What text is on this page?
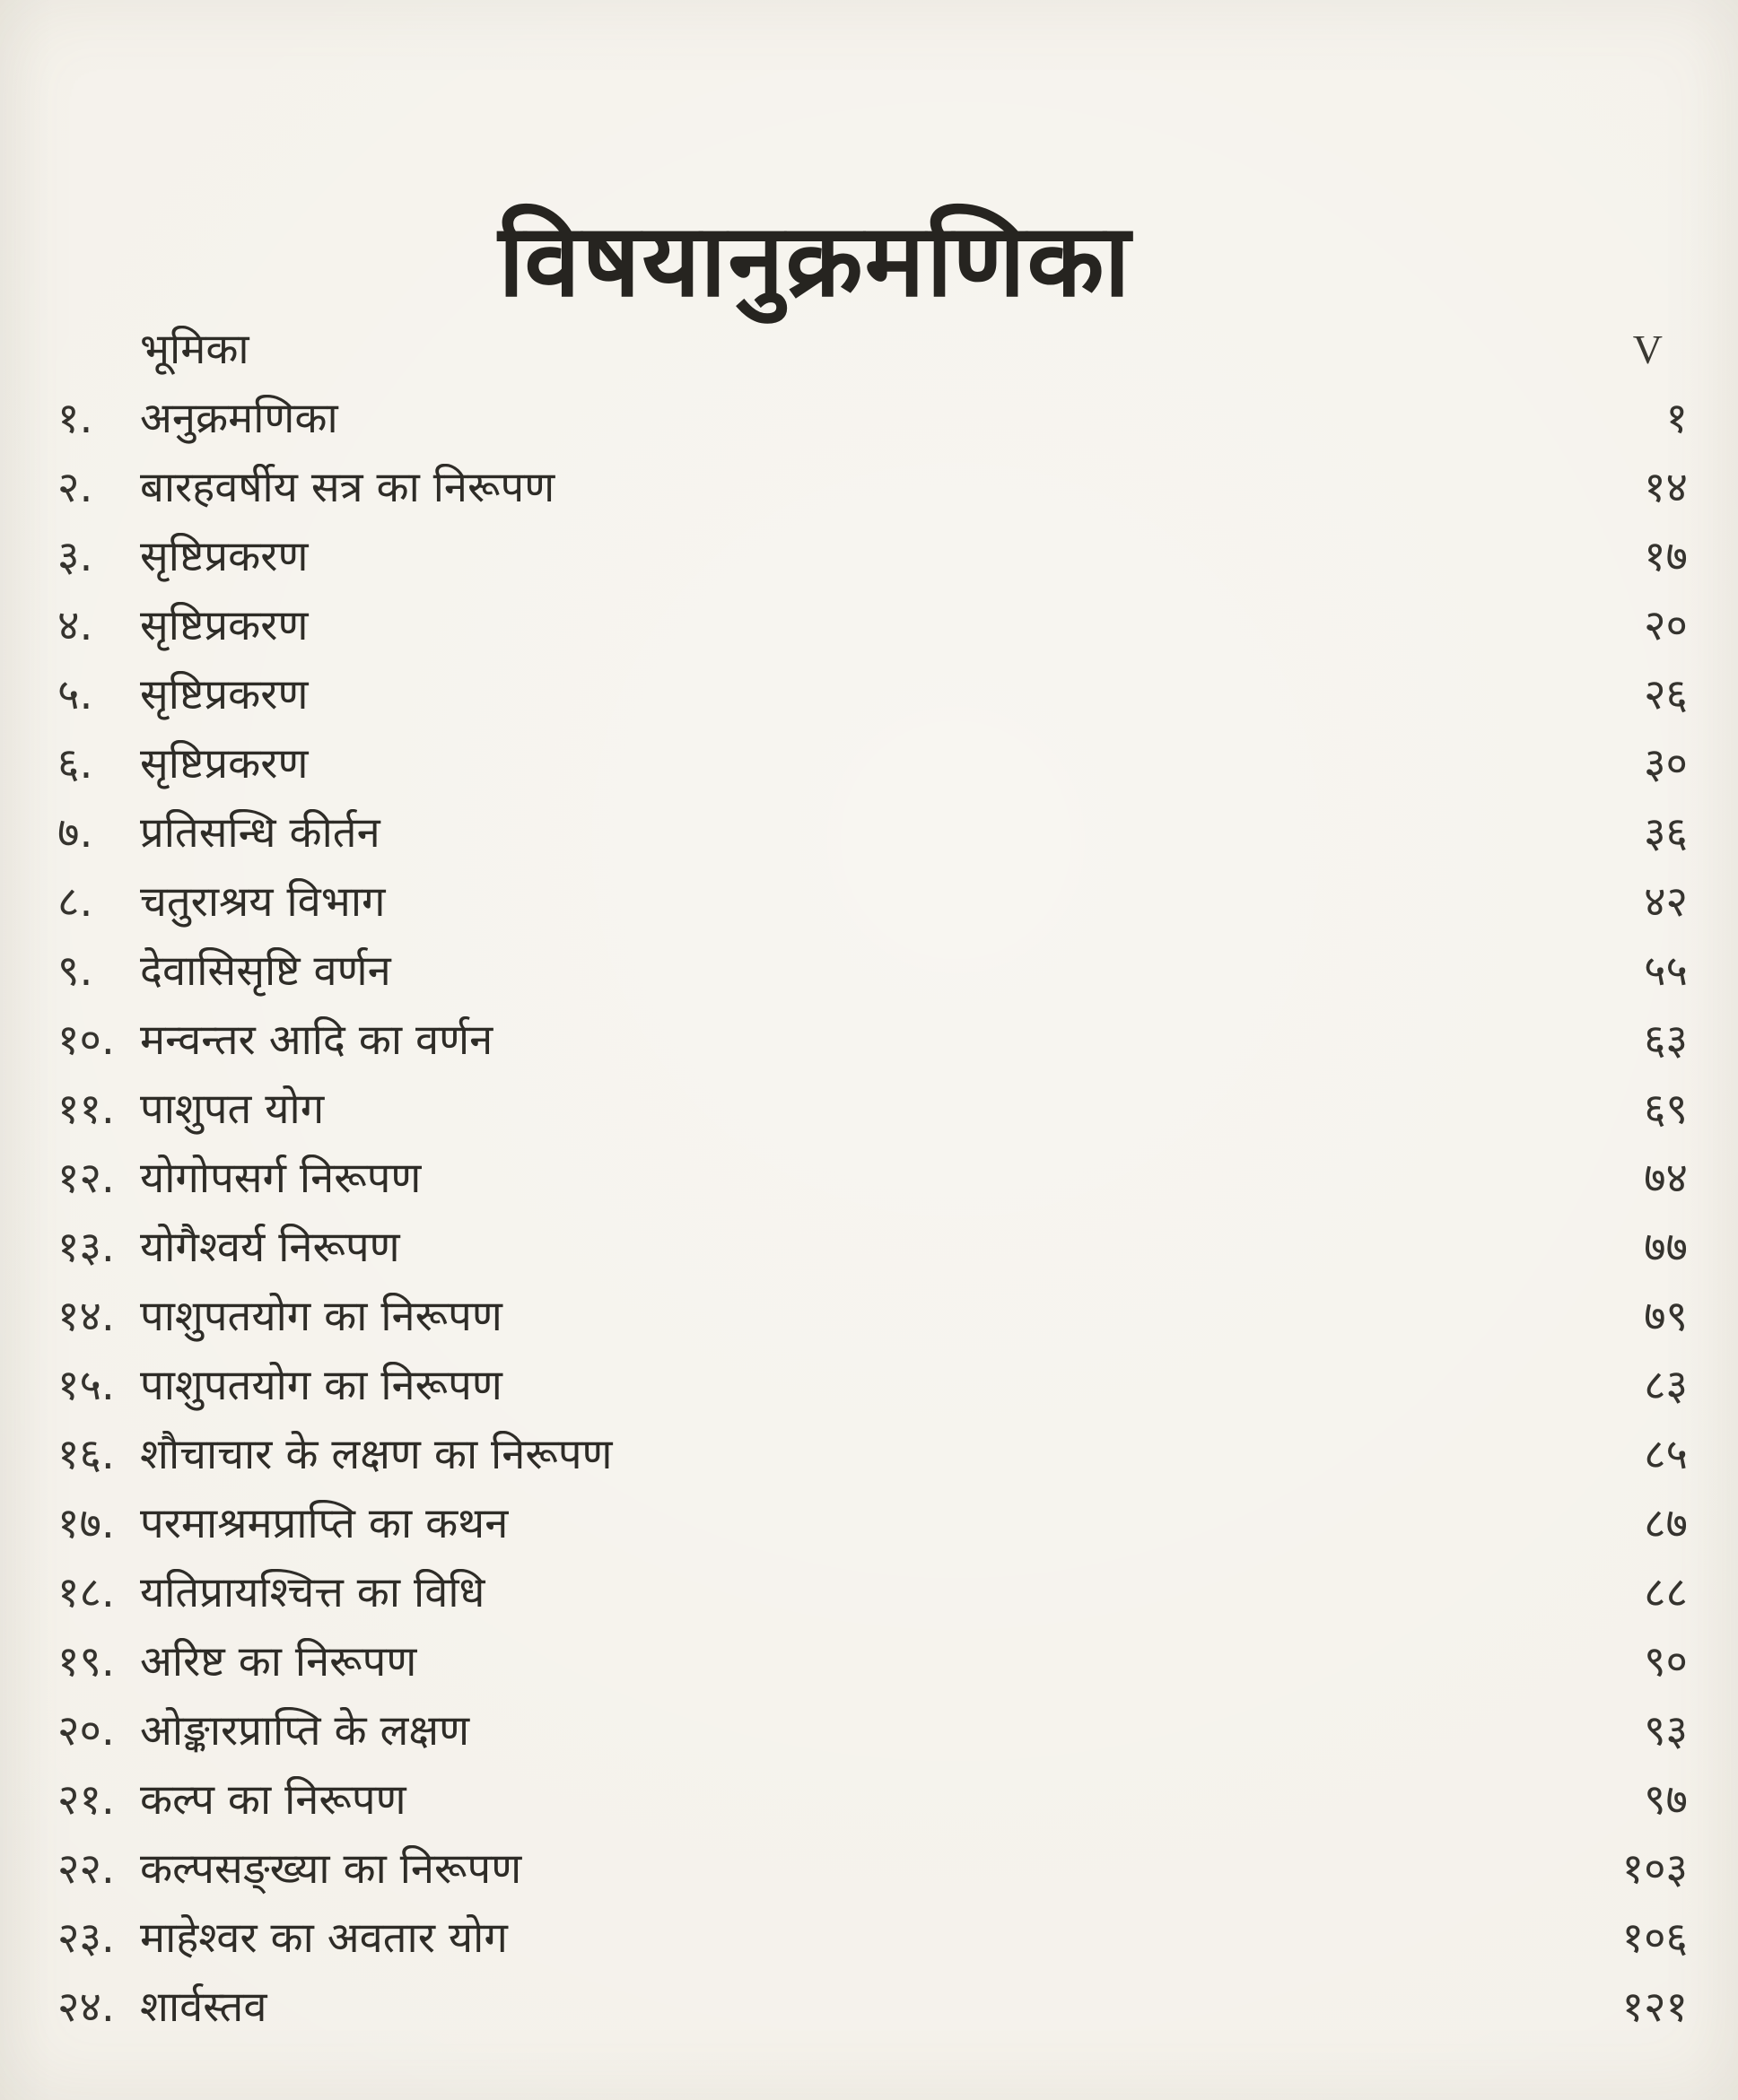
विषयानुक्रमणिका
भूमिका	V
१.	अनुक्रमणिका	१
२.	बारहवर्षीय सत्र का निरूपण	१४
३.	सृष्टिप्रकरण	१७
४.	सृष्टिप्रकरण	२०
५.	सृष्टिप्रकरण	२६
६.	सृष्टिप्रकरण	३०
७.	प्रतिसन्धि कीर्तन	३६
८.	चतुराश्रय विभाग	४२
९.	देवासिसृष्टि वर्णन	५५
१०. मन्वन्तर आदि का वर्णन	६३
११. पाशुपत योग	६९
१२. योगोपसर्ग निरूपण	७४
१३. योगैश्वर्य निरूपण	७७
१४. पाशुपतयोग का निरूपण	७९
१५. पाशुपतयोग का निरूपण	८३
१६. शौचाचार के लक्षण का निरूपण	८५
१७. परमाश्रमप्राप्ति का कथन	८७
१८. यतिप्रायश्चित्त का विधि	८८
१९. अरिष्ट का निरूपण	९०
२०. ओङ्कारप्राप्ति के लक्षण	९३
२१. कल्प का निरूपण	९७
२२. कल्पसङ्ख्या का निरूपण	१०३
२३. माहेश्वर का अवतार योग	१०६
२४. शार्वस्तव	१२१
